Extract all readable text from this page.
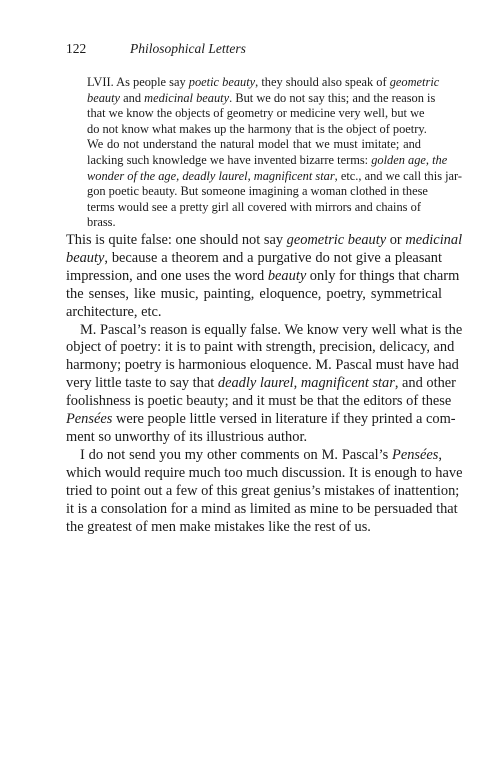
122	Philosophical Letters
LVII. As people say poetic beauty, they should also speak of geometric
beauty and medicinal beauty. But we do not say this; and the reason is
that we know the objects of geometry or medicine very well, but we
do not know what makes up the harmony that is the object of poetry.
We do not understand the natural model that we must imitate; and
lacking such knowledge we have invented bizarre terms: golden age, the
wonder of the age, deadly laurel, magnificent star, etc., and we call this jar-
gon poetic beauty. But someone imagining a woman clothed in these
terms would see a pretty girl all covered with mirrors and chains of
brass.
This is quite false: one should not say geometric beauty or medicinal
beauty, because a theorem and a purgative do not give a pleasant
impression, and one uses the word beauty only for things that charm
the senses, like music, painting, eloquence, poetry, symmetrical
architecture, etc.
M. Pascal’s reason is equally false. We know very well what is the
object of poetry: it is to paint with strength, precision, delicacy, and
harmony; poetry is harmonious eloquence. M. Pascal must have had
very little taste to say that deadly laurel, magnificent star, and other
foolishness is poetic beauty; and it must be that the editors of these
Pensées were people little versed in literature if they printed a com-
ment so unworthy of its illustrious author.
I do not send you my other comments on M. Pascal’s Pensées,
which would require much too much discussion. It is enough to have
tried to point out a few of this great genius’s mistakes of inattention;
it is a consolation for a mind as limited as mine to be persuaded that
the greatest of men make mistakes like the rest of us.
